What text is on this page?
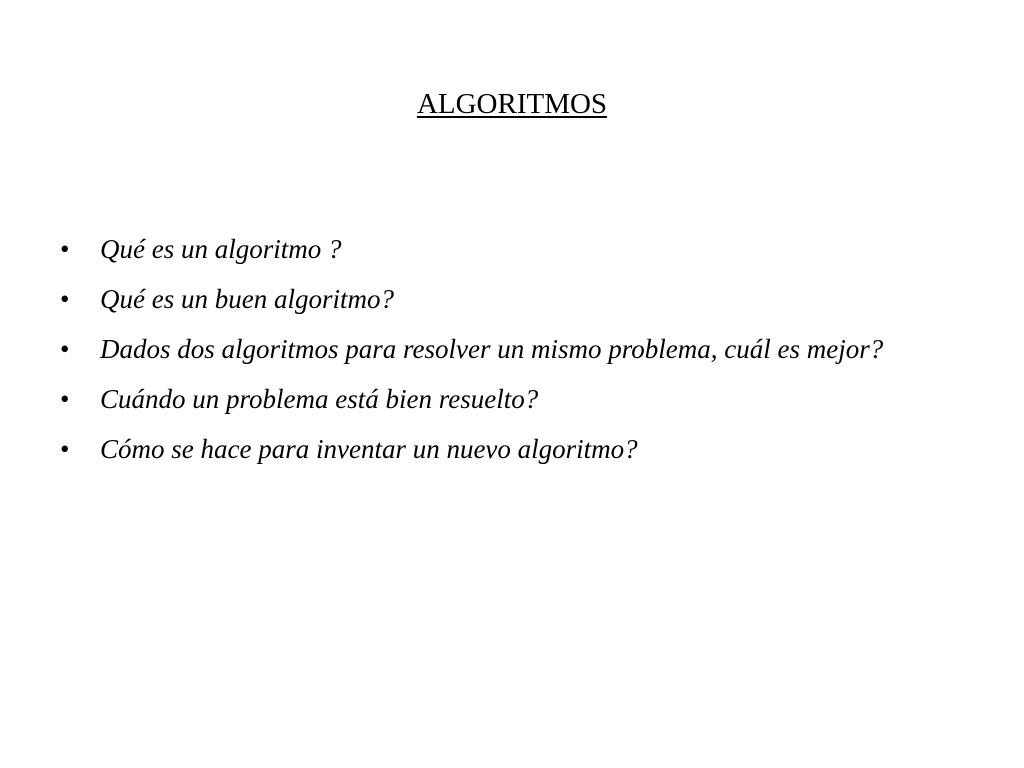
ALGORITMOS
•	Qué es un algoritmo ?
•	Qué es un buen algoritmo?
•	Dados dos algoritmos para resolver un mismo problema, cuál es mejor?
•	Cuándo un problema está bien resuelto?
•	Cómo se hace para inventar un nuevo algoritmo?
